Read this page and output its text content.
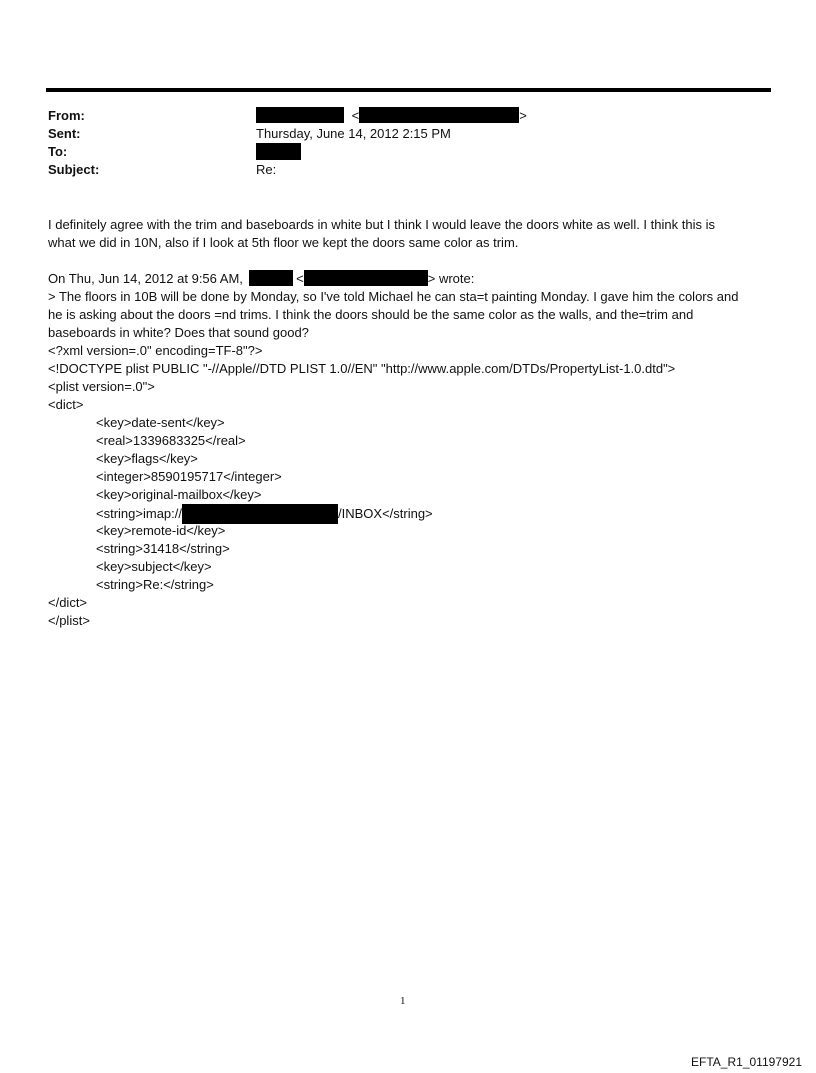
From:	<	>
Sent:	Thursday, June 14, 2012 2:15 PM
To:
Subject:	Re:
I definitely agree with the trim and baseboards in white but I think I would leave the doors white as well. I think this is
what we did in 10N, also if I look at 5th floor we kept the doors same color as trim.
On Thu, Jun 14, 2012 at 9:56 AM,	<	> wrote:
> The floors in 10B will be done by Monday, so I've told Michael he can sta=t painting Monday. I gave him the colors and
he is asking about the doors =nd trims. I think the doors should be the same color as the walls, and the=trim and
baseboards in white? Does that sound good?
<?xml version=.0" encoding=TF-8"?>
<!DOCTYPE plist PUBLIC "-//Apple//DTD PLIST 1.0//EN" "http://www.apple.com/DTDs/PropertyList-1.0.dtd">
<plist version=.0">
<dict>
<key>date-sent</key>
<real>1339683325</real>
<key>flags</key>
<integer>8590195717</integer>
<key>original-mailbox</key>
<string>imap://	/INBOX</string>
<key>remote-id</key>
<string>31418</string>
<key>subject</key>
<string>Re:</string>
</dict>
</plist>
1
EFTA_R1_01197921
